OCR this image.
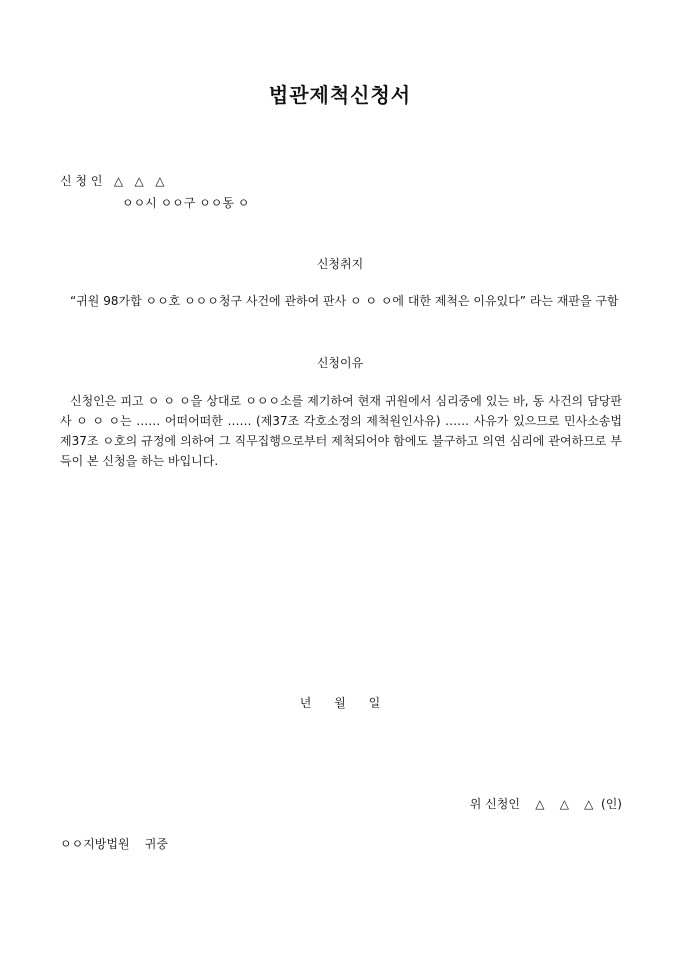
법관제척신청서
신 청 인   △   △   △
ㅇㅇ시 ㅇㅇ구 ㅇㅇ동 ㅇ
신청취지
“귀원 98가합 ㅇㅇ호 ㅇㅇㅇ청구 사건에 관하여 판사 ㅇ ㅇ ㅇ에 대한 제척은 이유있다” 라는 재판을 구함
신청이유
신청인은 피고 ㅇ ㅇ ㅇ을 상대로 ㅇㅇㅇ소를 제기하여 현재 귀원에서 심리중에 있는 바, 동 사건의 담당판사 ㅇ ㅇ ㅇ는 …… 어떠어떠한 …… (제37조 각호소정의 제척원인사유) …… 사유가 있으므로 민사소송법 제37조 ㅇ호의 규정에 의하여 그 직무집행으로부터 제척되어야 함에도 불구하고 의연 심리에 관여하므로 부득이 본 신청을 하는 바입니다.
년      월      일
위 신청인    △    △    △  (인)
ㅇㅇ지방법원    귀중
